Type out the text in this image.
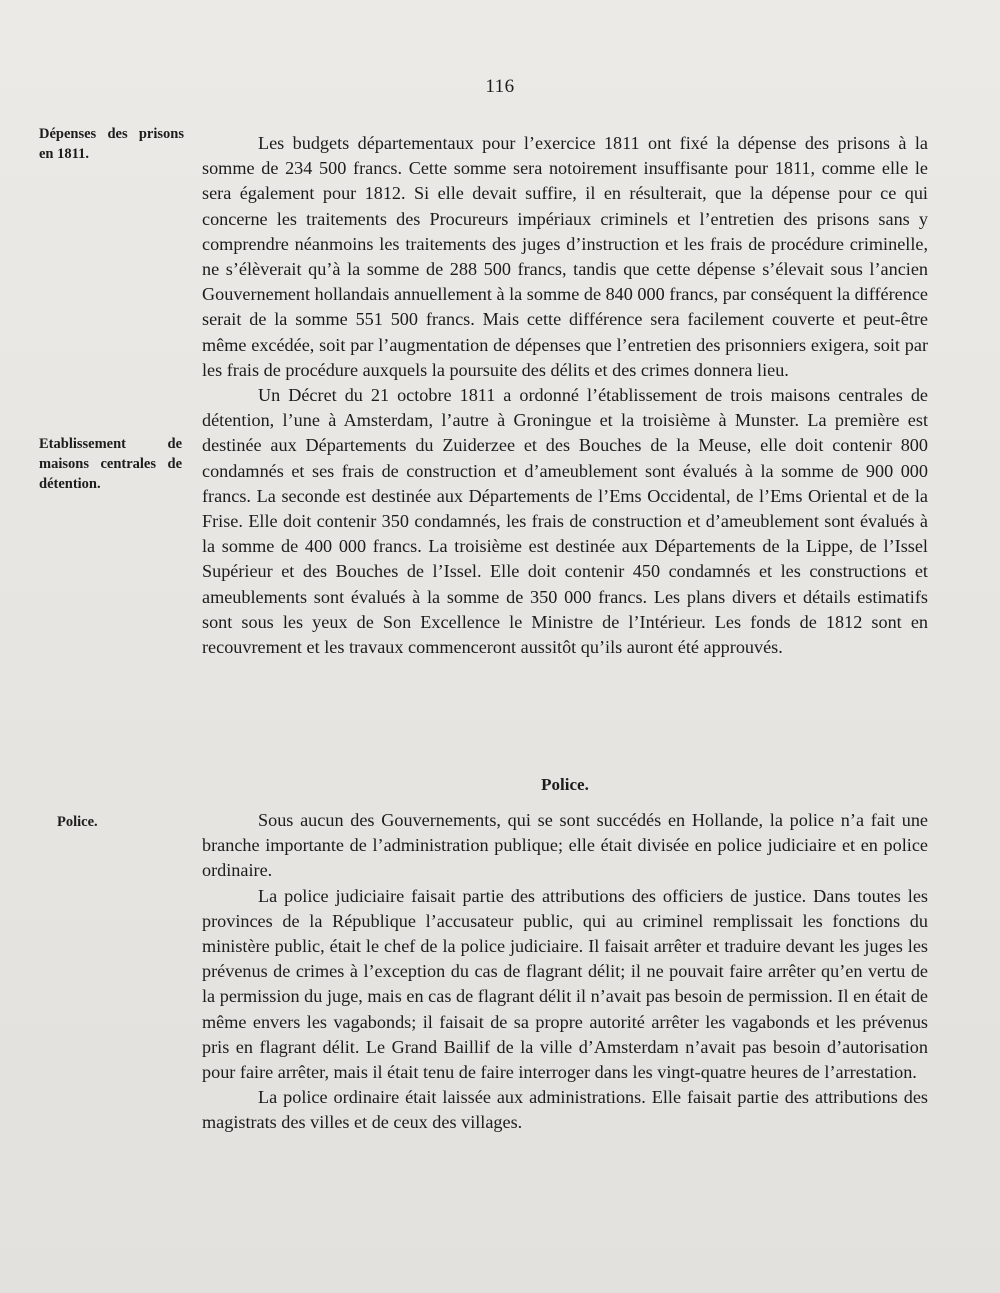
116
Dépenses des prisons en 1811.
Etablissement de maisons centrales de détention.
Police.

Les budgets départementaux pour l’exercice 1811 ont fixé la dépense des prisons à la somme de 234 500 francs. Cette somme sera notoirement insuffisante pour 1811, comme elle le sera également pour 1812. Si elle devait suffire, il en résulterait, que la dépense pour ce qui concerne les traitements des Procureurs impériaux criminels et l’entretien des prisons sans y comprendre néanmoins les traitements des juges d’instruction et les frais de procédure criminelle, ne s’élèverait qu’à la somme de 288 500 francs, tandis que cette dépense s’élevait sous l’ancien Gouvernement hollandais annuellement à la somme de 840 000 francs, par conséquent la différence serait de la somme 551 500 francs. Mais cette différence sera facilement couverte et peut-être même excédée, soit par l’augmentation de dépenses que l’entretien des prisonniers exigera, soit par les frais de procédure auxquels la poursuite des délits et des crimes donnera lieu.

Un Décret du 21 octobre 1811 a ordonné l’établissement de trois maisons centrales de détention, l’une à Amsterdam, l’autre à Groningue et la troisième à Munster. La première est destinée aux Départements du Zuiderzee et des Bouches de la Meuse, elle doit contenir 800 condamnés et ses frais de construction et d’ameublement sont évalués à la somme de 900 000 francs. La seconde est destinée aux Départements de l’Ems Occidental, de l’Ems Oriental et de la Frise. Elle doit contenir 350 condamnés, les frais de construction et d’ameublement sont évalués à la somme de 400 000 francs. La troisième est destinée aux Départements de la Lippe, de l’Issel Supérieur et des Bouches de l’Issel. Elle doit contenir 450 condamnés et les constructions et ameublements sont évalués à la somme de 350 000 francs. Les plans divers et détails estimatifs sont sous les yeux de Son Excellence le Ministre de l’Intérieur. Les fonds de 1812 sont en recouvrement et les travaux commenceront aussitôt qu’ils auront été approuvés.

Police.

Sous aucun des Gouvernements, qui se sont succédés en Hollande, la police n’a fait une branche importante de l’administration publique; elle était divisée en police judiciaire et en police ordinaire.

La police judiciaire faisait partie des attributions des officiers de justice. Dans toutes les provinces de la République l’accusateur public, qui au criminel remplissait les fonctions du ministère public, était le chef de la police judiciaire. Il faisait arrêter et traduire devant les juges les prévenus de crimes à l’exception du cas de flagrant délit; il ne pouvait faire arrêter qu’en vertu de la permission du juge, mais en cas de flagrant délit il n’avait pas besoin de permission. Il en était de même envers les vagabonds; il faisait de sa propre autorité arrêter les vagabonds et les prévenus pris en flagrant délit. Le Grand Baillif de la ville d’Amsterdam n’avait pas besoin d’autorisation pour faire arrêter, mais il était tenu de faire interroger dans les vingt-quatre heures de l’arrestation.

La police ordinaire était laissée aux administrations. Elle faisait partie des attributions des magistrats des villes et de ceux des villages.
